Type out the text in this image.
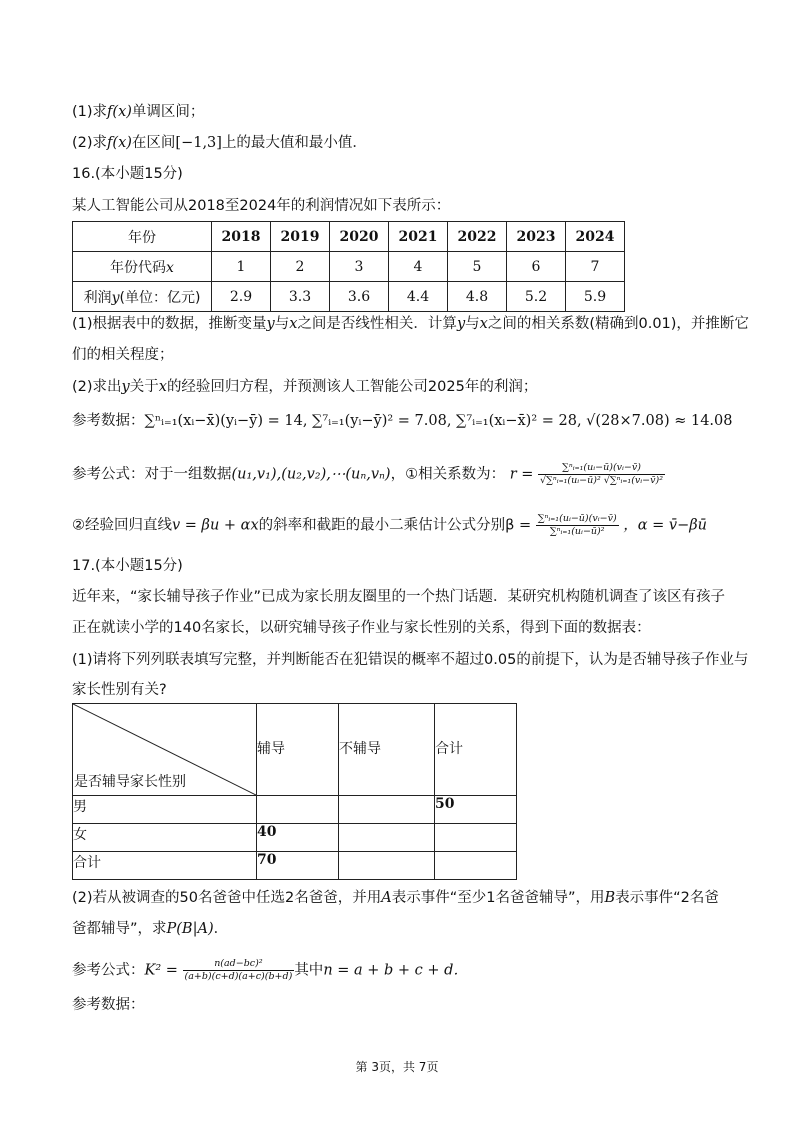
(1)求f(x)单调区间；
(2)求f(x)在区间[−1,3]上的最大值和最小值．
16.(本小题15分)
某人工智能公司从2018至2024年的利润情况如下表所示：
年份	2018	2019	2020	2021	2022	2023	2024
年份代码x	1	2	3	4	5	6	7
利润y(单位：亿元)	2.9	3.3	3.6	4.4	4.8	5.2	5.9
(1)根据表中的数据，推断变量y与x之间是否线性相关．计算y与x之间的相关系数(精确到0.01)，并推断它
们的相关程度；
(2)求出y关于x的经验回归方程，并预测该人工智能公司2025年的利润；
参考数据：∑ⁿᵢ₌₁(xᵢ−x̄)(yᵢ−ȳ) = 14, ∑⁷ᵢ₌₁(yᵢ−ȳ)² = 7.08, ∑⁷ᵢ₌₁(xᵢ−x̄)² = 28, √(28×7.08) ≈ 14.08
参考公式：对于一组数据(u₁,v₁),(u₂,v₂),⋯(uₙ,vₙ)，①相关系数为： $r = \frac{\text{∑ⁿᵢ₌₁(uᵢ−ū)(vᵢ−v̄)}}{\text{√∑ⁿᵢ₌₁(uᵢ−ū)² √∑ⁿᵢ₌₁(vᵢ−v̄)²}}$
②经验回归直线v = βu + αx的斜率和截距的最小二乘估计公式分别$\beta = \frac{\text{∑ⁿᵢ₌₁(uᵢ−ū)(vᵢ−v̄)}}{\text{∑ⁿᵢ₌₁(uᵢ−ū)²}}$ ，α = v̄−βū
17.(本小题15分)
近年来，“家长辅导孩子作业”已成为家长朋友圈里的一个热门话题．某研究机构随机调查了该区有孩子
正在就读小学的140名家长，以研究辅导孩子作业与家长性别的关系，得到下面的数据表：
(1)请将下列列联表填写完整，并判断能否在犯错误的概率不超过0.05的前提下，认为是否辅导孩子作业与
家长性别有关?
是否辅导家长性别	辅导	不辅导	合计

男			50
女	40		
合计	70		
(2)若从被调查的50名爸爸中任选2名爸爸，并用A表示事件“至少1名爸爸辅导”，用B表示事件“2名爸
爸都辅导”，求P(B|A)．
参考公式：$K^2 = \frac{\text{n(ad−bc)²}}{(a+b)(c+d)(a+c)(b+d)}$ 其中n = a + b + c + d．
参考数据：
第 3页，共 7页
